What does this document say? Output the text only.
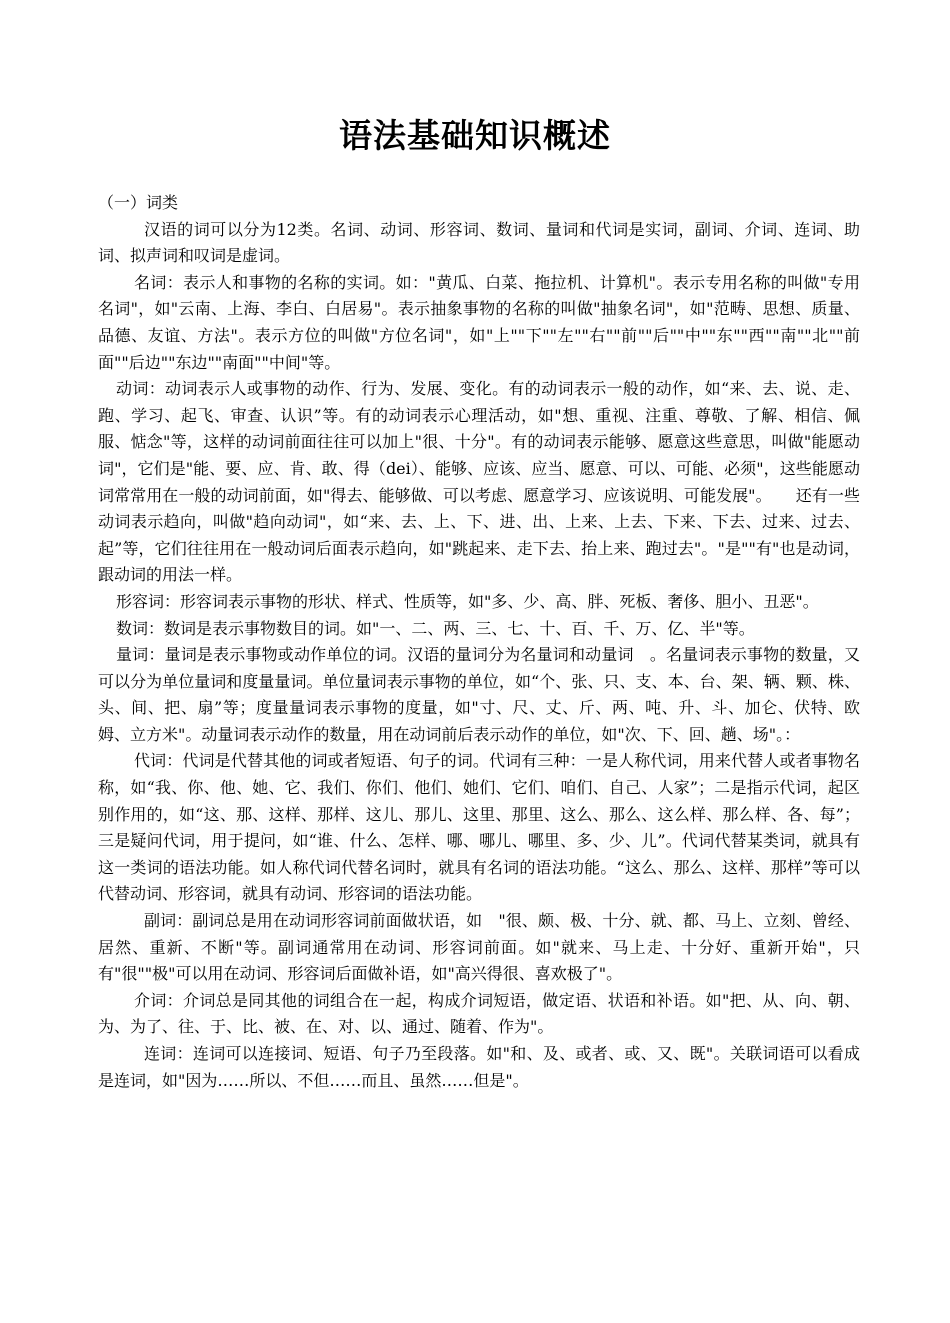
语法基础知识概述

（一）词类

汉语的词可以分为12类。名词、动词、形容词、数词、量词和代词是实词，副词、介词、连词、助词、拟声词和叹词是虚词。

名词：表示人和事物的名称的实词。如："黄瓜、白菜、拖拉机、计算机"。表示专用名称的叫做"专用名词"，如"云南、上海、李白、白居易"。表示抽象事物的名称的叫做"抽象名词"，如"范畴、思想、质量、品德、友谊、方法"。表示方位的叫做"方位名词"，如"上""下""左""右""前""后""中""东""西""南""北""前面""后边""东边""南面""中间"等。

动词：动词表示人或事物的动作、行为、发展、变化。有的动词表示一般的动作，如“来、去、说、走、跑、学习、起飞、审查、认识”等。有的动词表示心理活动，如"想、重视、注重、尊敬、了解、相信、佩服、惦念"等，这样的动词前面往往可以加上"很、十分"。有的动词表示能够、愿意这些意思，叫做"能愿动词"，它们是"能、要、应、肯、敢、得（dei）、能够、应该、应当、愿意、可以、可能、必须"，这些能愿动词常常用在一般的动词前面，如"得去、能够做、可以考虑、愿意学习、应该说明、可能发展"。　　还有一些动词表示趋向，叫做"趋向动词"，如“来、去、上、下、进、出、上来、上去、下来、下去、过来、过去、起”等，它们往往用在一般动词后面表示趋向，如"跳起来、走下去、抬上来、跑过去"。"是""有"也是动词，跟动词的用法一样。

形容词：形容词表示事物的形状、样式、性质等，如"多、少、高、胖、死板、奢侈、胆小、丑恶"。

数词：数词是表示事物数目的词。如"一、二、两、三、七、十、百、千、万、亿、半"等。

量词：量词是表示事物或动作单位的词。汉语的量词分为名量词和动量词　。名量词表示事物的数量，又可以分为单位量词和度量量词。单位量词表示事物的单位，如“个、张、只、支、本、台、架、辆、颗、株、头、间、把、扇”等；度量量词表示事物的度量，如"寸、尺、丈、斤、两、吨、升、斗、加仑、伏特、欧姆、立方米"。动量词表示动作的数量，用在动词前后表示动作的单位，如"次、下、回、趟、场"。：

代词：代词是代替其他的词或者短语、句子的词。代词有三种：一是人称代词，用来代替人或者事物名称，如“我、你、他、她、它、我们、你们、他们、她们、它们、咱们、自己、人家”；二是指示代词，起区别作用的，如“这、那、这样、那样、这儿、那儿、这里、那里、这么、那么、这么样、那么样、各、每”；三是疑问代词，用于提问，如“谁、什么、怎样、哪、哪儿、哪里、多、少、儿”。代词代替某类词，就具有这一类词的语法功能。如人称代词代替名词时，就具有名词的语法功能。“这么、那么、这样、那样”等可以代替动词、形容词，就具有动词、形容词的语法功能。

副词：副词总是用在动词形容词前面做状语，如　"很、颇、极、十分、就、都、马上、立刻、曾经、居然、重新、不断"等。副词通常用在动词、形容词前面。如"就来、马上走、十分好、重新开始"，只有"很""极"可以用在动词、形容词后面做补语，如"高兴得很、喜欢极了"。

介词：介词总是同其他的词组合在一起，构成介词短语，做定语、状语和补语。如"把、从、向、朝、为、为了、往、于、比、被、在、对、以、通过、随着、作为"。

连词：连词可以连接词、短语、句子乃至段落。如"和、及、或者、或、又、既"。关联词语可以看成是连词，如"因为……所以、不但……而且、虽然……但是"。
